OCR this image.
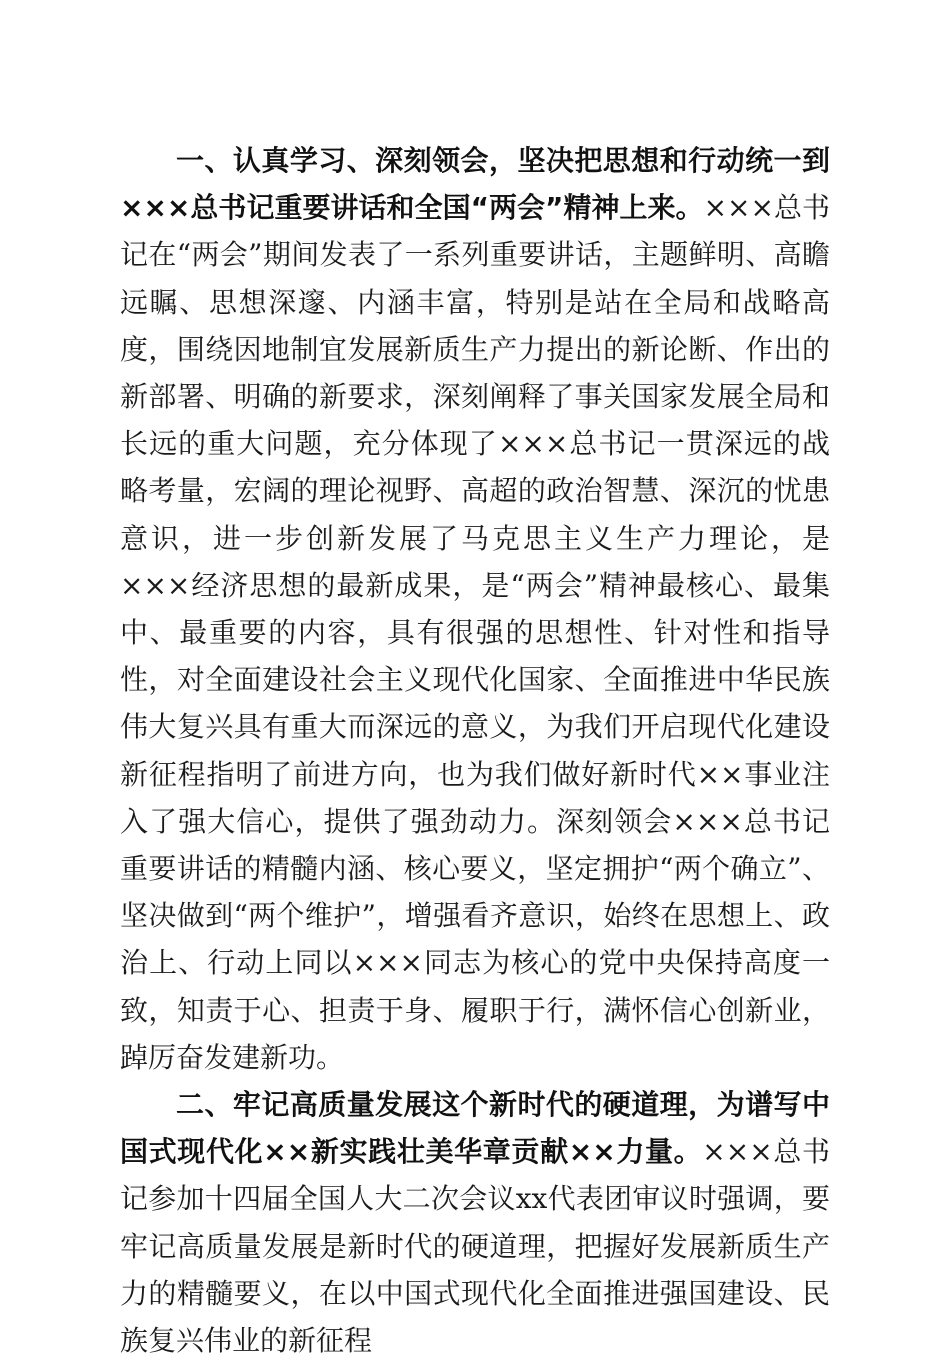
一、认真学习、深刻领会，坚决把思想和行动统一到×××总书记重要讲话和全国“两会”精神上来。×××总书记在“两会”期间发表了一系列重要讲话，主题鲜明、高瞻远瞩、思想深邃、内涵丰富，特别是站在全局和战略高度，围绕因地制宜发展新质生产力提出的新论断、作出的新部署、明确的新要求，深刻阐释了事关国家发展全局和长远的重大问题，充分体现了×××总书记一贯深远的战略考量，宏阔的理论视野、高超的政治智慧、深沉的忧患意识，进一步创新发展了马克思主义生产力理论，是×××经济思想的最新成果，是“两会”精神最核心、最集中、最重要的内容，具有很强的思想性、针对性和指导性，对全面建设社会主义现代化国家、全面推进中华民族伟大复兴具有重大而深远的意义，为我们开启现代化建设新征程指明了前进方向，也为我们做好新时代××事业注入了强大信心，提供了强劲动力。深刻领会×××总书记重要讲话的精髓内涵、核心要义，坚定拥护“两个确立”、坚决做到“两个维护”，增强看齐意识，始终在思想上、政治上、行动上同以×××同志为核心的党中央保持高度一致，知责于心、担责于身、履职于行，满怀信心创新业，踔厉奋发建新功。

二、牢记高质量发展这个新时代的硬道理，为谱写中国式现代化××新实践壮美华章贡献××力量。×××总书记参加十四届全国人大二次会议xx代表团审议时强调，要牢记高质量发展是新时代的硬道理，把握好发展新质生产力的精髓要义，在以中国式现代化全面推进强国建设、民族复兴伟业的新征程
